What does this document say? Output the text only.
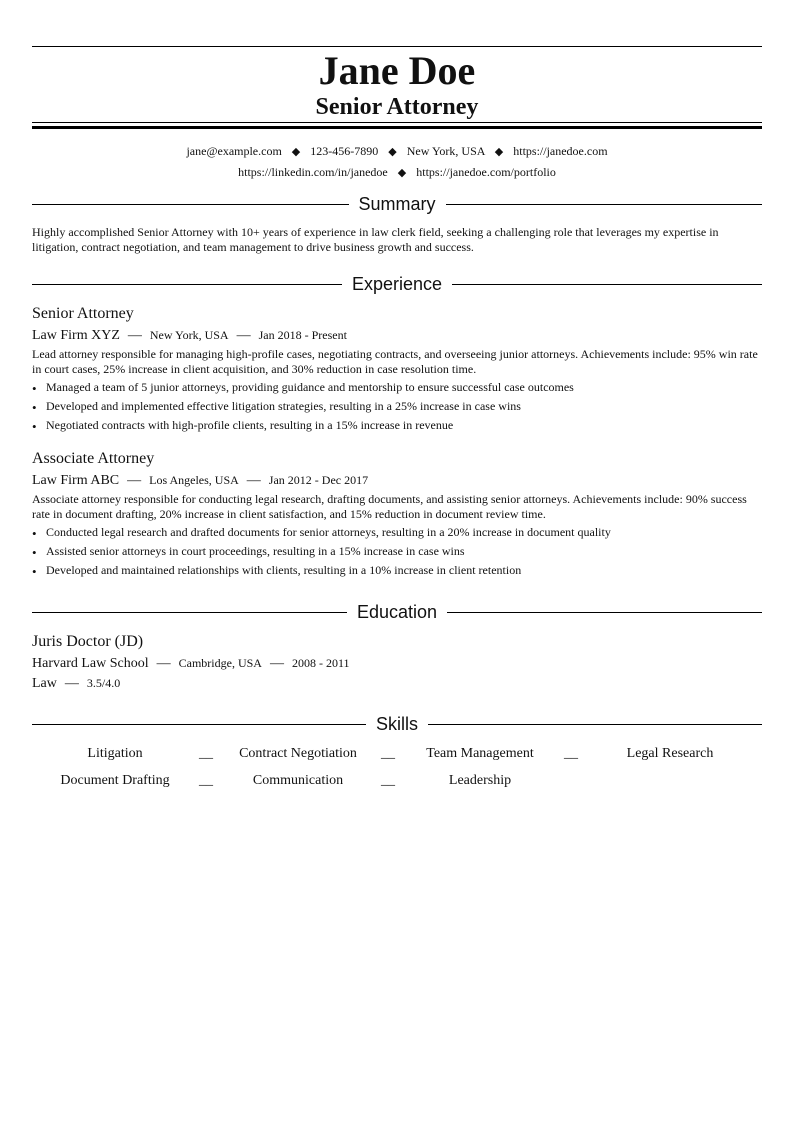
Jane Doe
Senior Attorney
jane@example.com ◆ 123-456-7890 ◆ New York, USA ◆ https://janedoe.com
https://linkedin.com/in/janedoe ◆ https://janedoe.com/portfolio
Summary
Highly accomplished Senior Attorney with 10+ years of experience in law clerk field, seeking a challenging role that leverages my expertise in litigation, contract negotiation, and team management to drive business growth and success.
Experience
Senior Attorney
Law Firm XYZ — New York, USA — Jan 2018 - Present
Lead attorney responsible for managing high-profile cases, negotiating contracts, and overseeing junior attorneys. Achievements include: 95% win rate in court cases, 25% increase in client acquisition, and 30% reduction in case resolution time.
• Managed a team of 5 junior attorneys, providing guidance and mentorship to ensure successful case outcomes
• Developed and implemented effective litigation strategies, resulting in a 25% increase in case wins
• Negotiated contracts with high-profile clients, resulting in a 15% increase in revenue
Associate Attorney
Law Firm ABC — Los Angeles, USA — Jan 2012 - Dec 2017
Associate attorney responsible for conducting legal research, drafting documents, and assisting senior attorneys. Achievements include: 90% success rate in document drafting, 20% increase in client satisfaction, and 15% reduction in document review time.
• Conducted legal research and drafted documents for senior attorneys, resulting in a 20% increase in document quality
• Assisted senior attorneys in court proceedings, resulting in a 15% increase in case wins
• Developed and maintained relationships with clients, resulting in a 10% increase in client retention
Education
Juris Doctor (JD)
Harvard Law School — Cambridge, USA — 2008 - 2011
Law — 3.5/4.0
Skills
Litigation	__	Contract Negotiation	__	Team Management	__	Legal Research
Document Drafting	__	Communication	__	Leadership
